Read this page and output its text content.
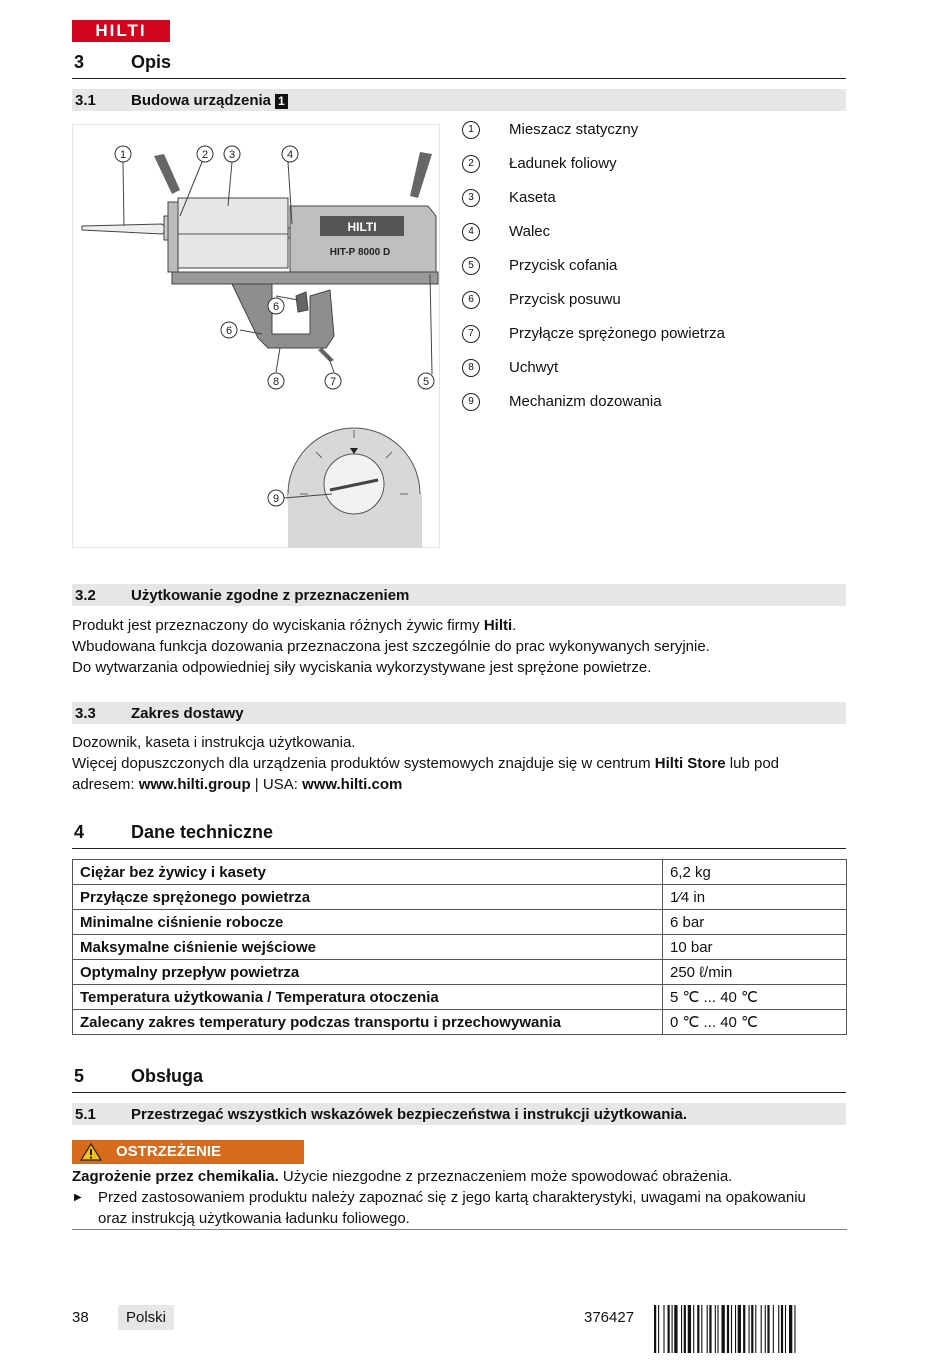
HILTI
3	Opis
3.1 Budowa urządzenia 1
HILTI
HIT-P 8000 D
1	2 3	4
5
6
6
7
8
9
1	Mieszacz statyczny
2	Ładunek foliowy
3	Kaseta
4	Walec
5	Przycisk cofania
6	Przycisk posuwu
7	Przyłącze sprężonego powietrza
8	Uchwyt
9	Mechanizm dozowania
3.2 Użytkowanie zgodne z przeznaczeniem
Produkt jest przeznaczony do wyciskania różnych żywic firmy Hilti.
Wbudowana funkcja dozowania przeznaczona jest szczególnie do prac wykonywanych seryjnie.
Do wytwarzania odpowiedniej siły wyciskania wykorzystywane jest sprężone powietrze.
3.3 Zakres dostawy
Dozownik, kaseta i instrukcja użytkowania.
Więcej dopuszczonych dla urządzenia produktów systemowych znajduje się w centrum Hilti Store lub pod
adresem: www.hilti.group | USA: www.hilti.com
4	Dane techniczne
Ciężar bez żywicy i kasety	6,2 kg
Przyłącze sprężonego powietrza	1⁄4 in
Minimalne ciśnienie robocze	6 bar
Maksymalne ciśnienie wejściowe	10 bar
Optymalny przepływ powietrza	250 ℓ/min
Temperatura użytkowania / Temperatura otoczenia	5 ℃ ... 40 ℃
Zalecany zakres temperatury podczas transportu i przechowywania	0 ℃ ... 40 ℃
5	Obsługa
5.1 Przestrzegać wszystkich wskazówek bezpieczeństwa i instrukcji użytkowania.
OSTRZEŻENIE
Zagrożenie przez chemikalia. Użycie niezgodne z przeznaczeniem może spowodować obrażenia.
▶ Przed zastosowaniem produktu należy zapoznać się z jego kartą charakterystyki, uwagami na opakowaniu
oraz instrukcją użytkowania ładunku foliowego.
38	Polski	376427
